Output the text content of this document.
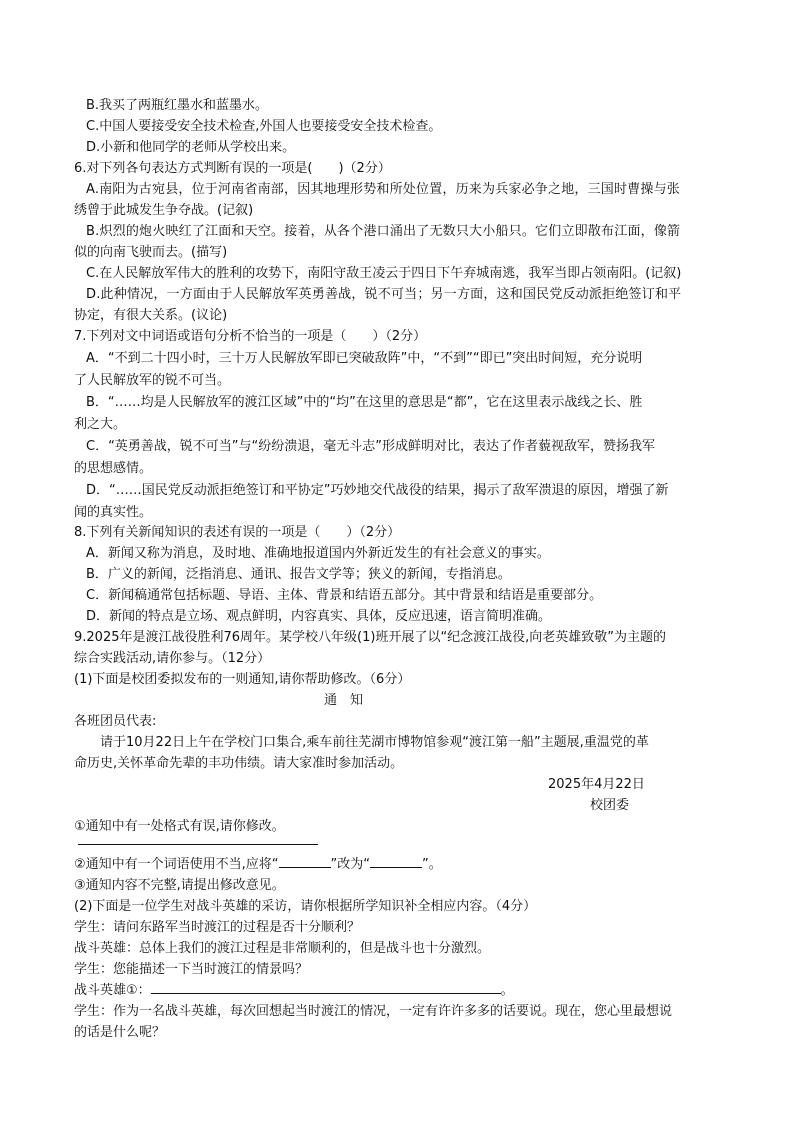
B.我买了两瓶红墨水和蓝墨水。
C.中国人要接受安全技术检查,外国人也要接受安全技术检查。
D.小新和他同学的老师从学校出来。
6.对下列各句表达方式判断有误的一项是(　　)（2分）
A.南阳为古宛县，位于河南省南部，因其地理形势和所处位置，历来为兵家必争之地，三国时曹操与张
绣曾于此城发生争夺战。(记叙)
B.炽烈的炮火映红了江面和天空。接着，从各个港口涌出了无数只大小船只。它们立即散布江面，像箭
似的向南飞驶而去。(描写)
C.在人民解放军伟大的胜利的攻势下，南阳守敌王凌云于四日下午弃城南逃，我军当即占领南阳。(记叙)
D.此种情况，一方面由于人民解放军英勇善战，锐不可当；另一方面，这和国民党反动派拒绝签订和平
协定，有很大关系。(议论)
7.下列对文中词语或语句分析不恰当的一项是（　　）（2分）
A．“不到二十四小时，三十万人民解放军即已突破敌阵”中，“不到”“即已”突出时间短，充分说明
了人民解放军的锐不可当。
B．“……均是人民解放军的渡江区域”中的“均”在这里的意思是“都”，它在这里表示战线之长、胜
利之大。
C．“英勇善战，锐不可当”与“纷纷溃退，毫无斗志”形成鲜明对比，表达了作者藐视敌军，赞扬我军
的思想感情。
D．“……国民党反动派拒绝签订和平协定”巧妙地交代战役的结果，揭示了敌军溃退的原因，增强了新
闻的真实性。
8.下列有关新闻知识的表述有误的一项是（　　）（2分）
A．新闻又称为消息，及时地、准确地报道国内外新近发生的有社会意义的事实。
B．广义的新闻，泛指消息、通讯、报告文学等；狭义的新闻，专指消息。
C．新闻稿通常包括标题、导语、主体、背景和结语五部分。其中背景和结语是重要部分。
D．新闻的特点是立场、观点鲜明，内容真实、具体，反应迅速，语言简明准确。
9.2025年是渡江战役胜利76周年。某学校八年级(1)班开展了以“纪念渡江战役,向老英雄致敬”为主题的
综合实践活动,请你参与。（12分）
(1)下面是校团委拟发布的一则通知,请你帮助修改。（6分）
通　知
各班团员代表:
请于10月22日上午在学校门口集合,乘车前往芜湖市博物馆参观“渡江第一船”主题展,重温党的革
命历史,关怀革命先辈的丰功伟绩。请大家准时参加活动。
2025年4月22日
校团委
①通知中有一处格式有误,请你修改。
②通知中有一个词语使用不当,应将“	”改为“	”。
③通知内容不完整,请提出修改意见。
(2)下面是一位学生对战斗英雄的采访，请你根据所学知识补全相应内容。（4分）
学生：请问东路军当时渡江的过程是否十分顺利？
战斗英雄：总体上我们的渡江过程是非常顺利的，但是战斗也十分激烈。
学生：您能描述一下当时渡江的情景吗？
战斗英雄①：	。
学生：作为一名战斗英雄，每次回想起当时渡江的情况，一定有许许多多的话要说。现在，您心里最想说
的话是什么呢？
